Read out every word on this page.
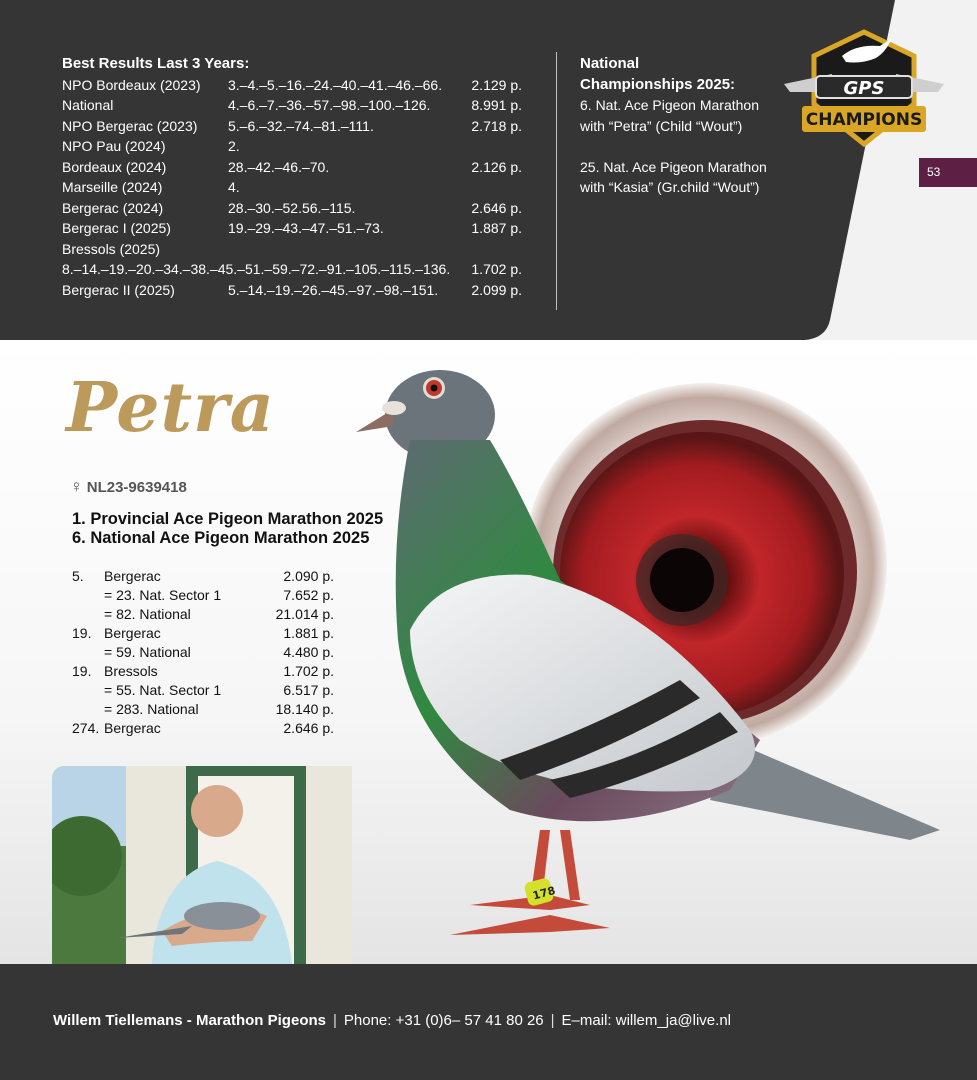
Best Results Last 3 Years:
NPO Bordeaux (2023) 3.–4.–5.–16.–24.–40.–41.–46.–66. 2.129 p.
National	4.–6.–7.–36.–57.–98.–100.–126.	8.991 p.
NPO Bergerac (2023) 5.–6.–32.–74.–81.–111.	2.718 p.
NPO Pau (2024)	2.
Bordeaux (2024)	28.–42.–46.–70.	2.126 p.
Marseille (2024)	4.
Bergerac (2024)	28.–30.–52.56.–115.	2.646 p.
Bergerac I (2025)	19.–29.–43.–47.–51.–73.	1.887 p.
Bressols (2025)
8.–14.–19.–20.–34.–38.–45.–51.–59.–72.–91.–105.–115.–136. 1.702 p.
Bergerac II (2025)	5.–14.–19.–26.–45.–97.–98.–151. 2.099 p.
National
Championships 2025:
6. Nat. Ace Pigeon Marathon
with “Petra” (Child “Wout”)
25. Nat. Ace Pigeon Marathon
with “Kasia” (Gr.child “Wout”)
GPS
CHAMPIONS
53
Petra
♀ NL23-9639418
1. Provincial Ace Pigeon Marathon 2025
6. National Ace Pigeon Marathon 2025
5. Bergerac	2.090 p.
= 23. Nat. Sector 1	7.652 p.
= 82. National	21.014 p.
19. Bergerac	1.881 p.
= 59. National	4.480 p.
19. Bressols	1.702 p.
= 55. Nat. Sector 1	6.517 p.
= 283. National	18.140 p.
274. Bergerac	2.646 p.
178
Willem Tiellemans - Marathon Pigeons | Phone: +31 (0)6– 57 41 80 26 | E–mail: willem_ja@live.nl
